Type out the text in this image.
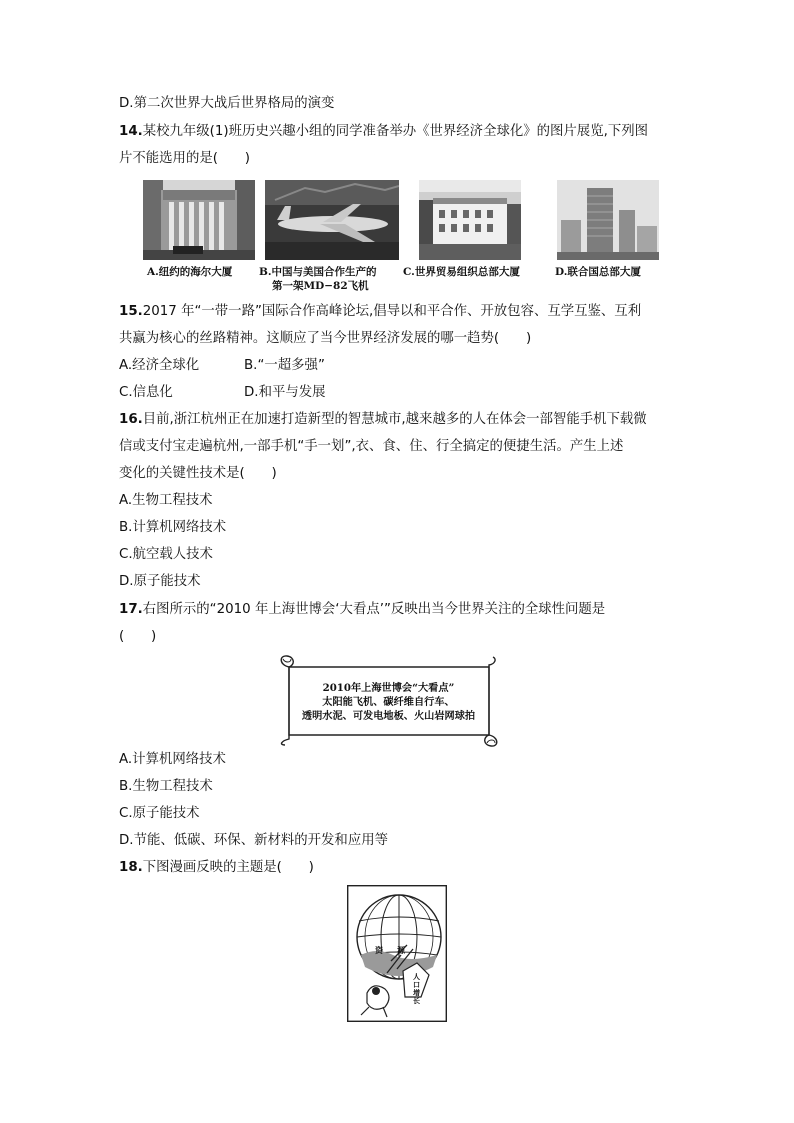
D.第二次世界大战后世界格局的演变
14.某校九年级(1)班历史兴趣小组的同学准备举办《世界经济全球化》的图片展览,下列图
片不能选用的是(　　)
A.纽约的海尔大厦	B.中国与美国合作生产的
第一架MD−82飞机
C.世界贸易组织总部大厦	D.联合国总部大厦
15.2017 年“一带一路”国际合作高峰论坛,倡导以和平合作、开放包容、互学互鉴、互利
共赢为核心的丝路精神。这顺应了当今世界经济发展的哪一趋势(　　)
A.经济全球化	B.“一超多强”
C.信息化	D.和平与发展
16.目前,浙江杭州正在加速打造新型的智慧城市,越来越多的人在体会一部智能手机下载微
信或支付宝走遍杭州,一部手机“手一划”,衣、食、住、行全搞定的便捷生活。产生上述
变化的关键性技术是(　　)
A.生物工程技术
B.计算机网络技术
C.航空载人技术
D.原子能技术
17.右图所示的“2010 年上海世博会‘大看点’”反映出当今世界关注的全球性问题是
(　　)
2010年上海世博会“大看点”
太阳能飞机、碳纤维自行车、
透明水泥、可发电地板、火山岩网球拍
A.计算机网络技术
B.生物工程技术
C.原子能技术
D.节能、低碳、环保、新材料的开发和应用等
18.下图漫画反映的主题是(　　)
资 源
人口增长
